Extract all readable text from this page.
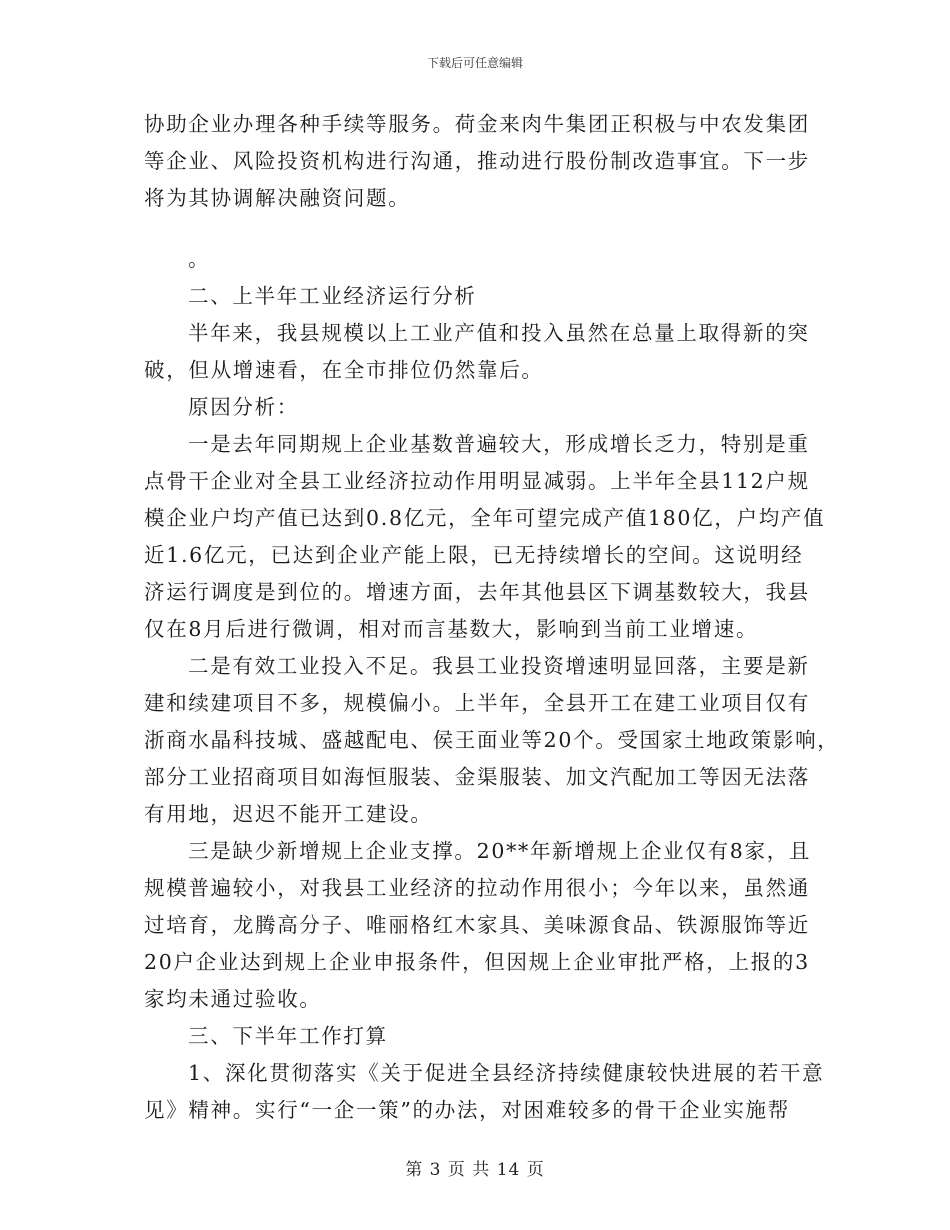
下载后可任意编辑
协助企业办理各种手续等服务。荷金来肉牛集团正积极与中农发集团
等企业、风险投资机构进行沟通，推动进行股份制改造事宜。下一步
将为其协调解决融资问题。
。
二、上半年工业经济运行分析
半年来，我县规模以上工业产值和投入虽然在总量上取得新的突
破，但从增速看，在全市排位仍然靠后。
原因分析：
一是去年同期规上企业基数普遍较大，形成增长乏力，特别是重
点骨干企业对全县工业经济拉动作用明显减弱。上半年全县112户规
模企业户均产值已达到0.8亿元，全年可望完成产值180亿，户均产值
近1.6亿元，已达到企业产能上限，已无持续增长的空间。这说明经
济运行调度是到位的。增速方面，去年其他县区下调基数较大，我县
仅在8月后进行微调，相对而言基数大，影响到当前工业增速。
二是有效工业投入不足。我县工业投资增速明显回落，主要是新
建和续建项目不多，规模偏小。上半年，全县开工在建工业项目仅有
浙商水晶科技城、盛越配电、侯王面业等20个。受国家土地政策影响，
部分工业招商项目如海恒服装、金渠服装、加文汽配加工等因无法落
有用地，迟迟不能开工建设。
三是缺少新增规上企业支撑。20**年新增规上企业仅有8家，且
规模普遍较小，对我县工业经济的拉动作用很小；今年以来，虽然通
过培育，龙腾高分子、唯丽格红木家具、美味源食品、铁源服饰等近
20户企业达到规上企业申报条件，但因规上企业审批严格，上报的3
家均未通过验收。
三、下半年工作打算
1、深化贯彻落实《关于促进全县经济持续健康较快进展的若干意
见》精神。实行“一企一策”的办法，对困难较多的骨干企业实施帮
第 3 页 共 14 页
